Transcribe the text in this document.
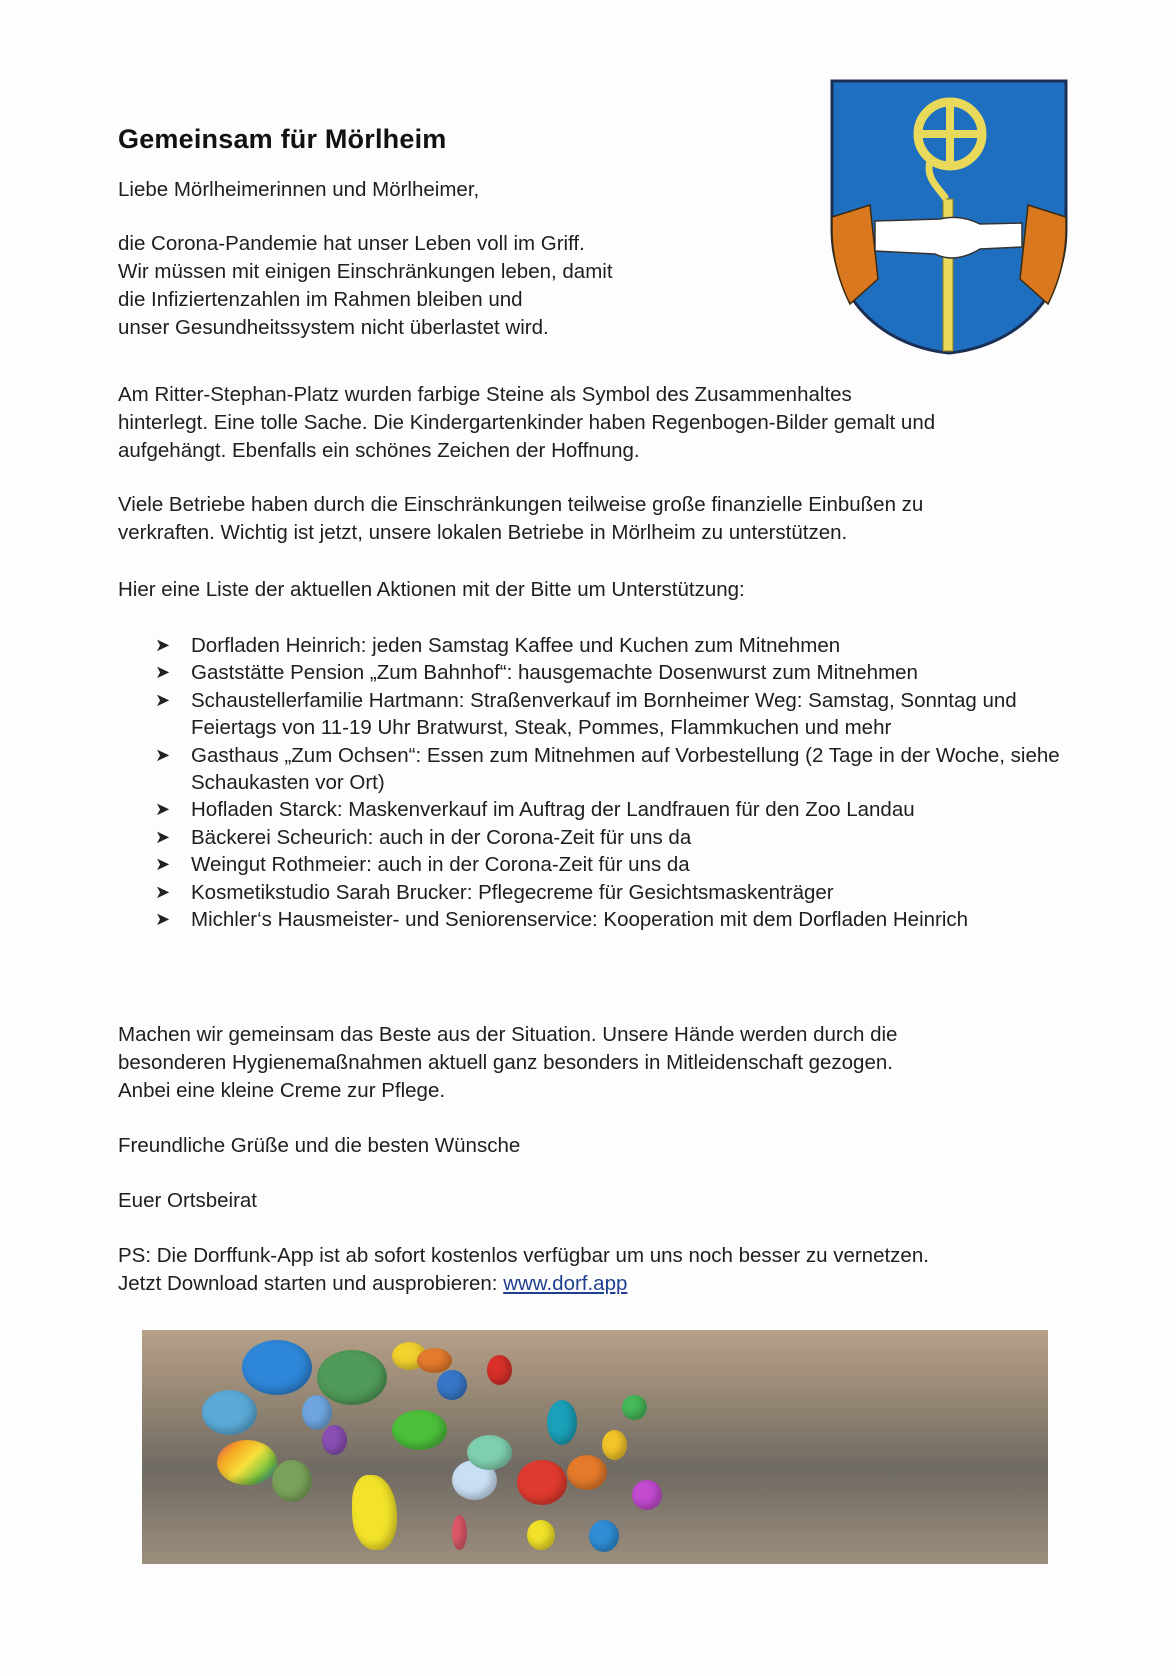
Gemeinsam für Mörlheim
Liebe Mörlheimerinnen und Mörlheimer,
die Corona-Pandemie hat unser Leben voll im Griff.
Wir müssen mit einigen Einschränkungen leben, damit
die Infiziertenzahlen im Rahmen bleiben und
unser Gesundheitssystem nicht überlastet wird.
Am Ritter-Stephan-Platz wurden farbige Steine als Symbol des Zusammenhaltes
hinterlegt. Eine tolle Sache. Die Kindergartenkinder haben Regenbogen-Bilder gemalt und
aufgehängt. Ebenfalls ein schönes Zeichen der Hoffnung.
Viele Betriebe haben durch die Einschränkungen teilweise große finanzielle Einbußen zu
verkraften. Wichtig ist jetzt, unsere lokalen Betriebe in Mörlheim zu unterstützen.
Hier eine Liste der aktuellen Aktionen mit der Bitte um Unterstützung:
➤ Dorfladen Heinrich: jeden Samstag Kaffee und Kuchen zum Mitnehmen
➤ Gaststätte Pension „Zum Bahnhof“: hausgemachte Dosenwurst zum Mitnehmen
➤ Schaustellerfamilie Hartmann: Straßenverkauf im Bornheimer Weg: Samstag, Sonntag und Feiertags von 11-19 Uhr Bratwurst, Steak, Pommes, Flammkuchen und mehr
➤ Gasthaus „Zum Ochsen“: Essen zum Mitnehmen auf Vorbestellung (2 Tage in der Woche, siehe Schaukasten vor Ort)
➤ Hofladen Starck: Maskenverkauf im Auftrag der Landfrauen für den Zoo Landau
➤ Bäckerei Scheurich: auch in der Corona-Zeit für uns da
➤ Weingut Rothmeier: auch in der Corona-Zeit für uns da
➤ Kosmetikstudio Sarah Brucker: Pflegecreme für Gesichtsmaskenträger
➤ Michler‘s Hausmeister- und Seniorenservice: Kooperation mit dem Dorfladen Heinrich
Machen wir gemeinsam das Beste aus der Situation. Unsere Hände werden durch die
besonderen Hygienemaßnahmen aktuell ganz besonders in Mitleidenschaft gezogen.
Anbei eine kleine Creme zur Pflege.
Freundliche Grüße und die besten Wünsche
Euer Ortsbeirat
PS: Die Dorffunk-App ist ab sofort kostenlos verfügbar um uns noch besser zu vernetzen.
Jetzt Download starten und ausprobieren: www.dorf.app
